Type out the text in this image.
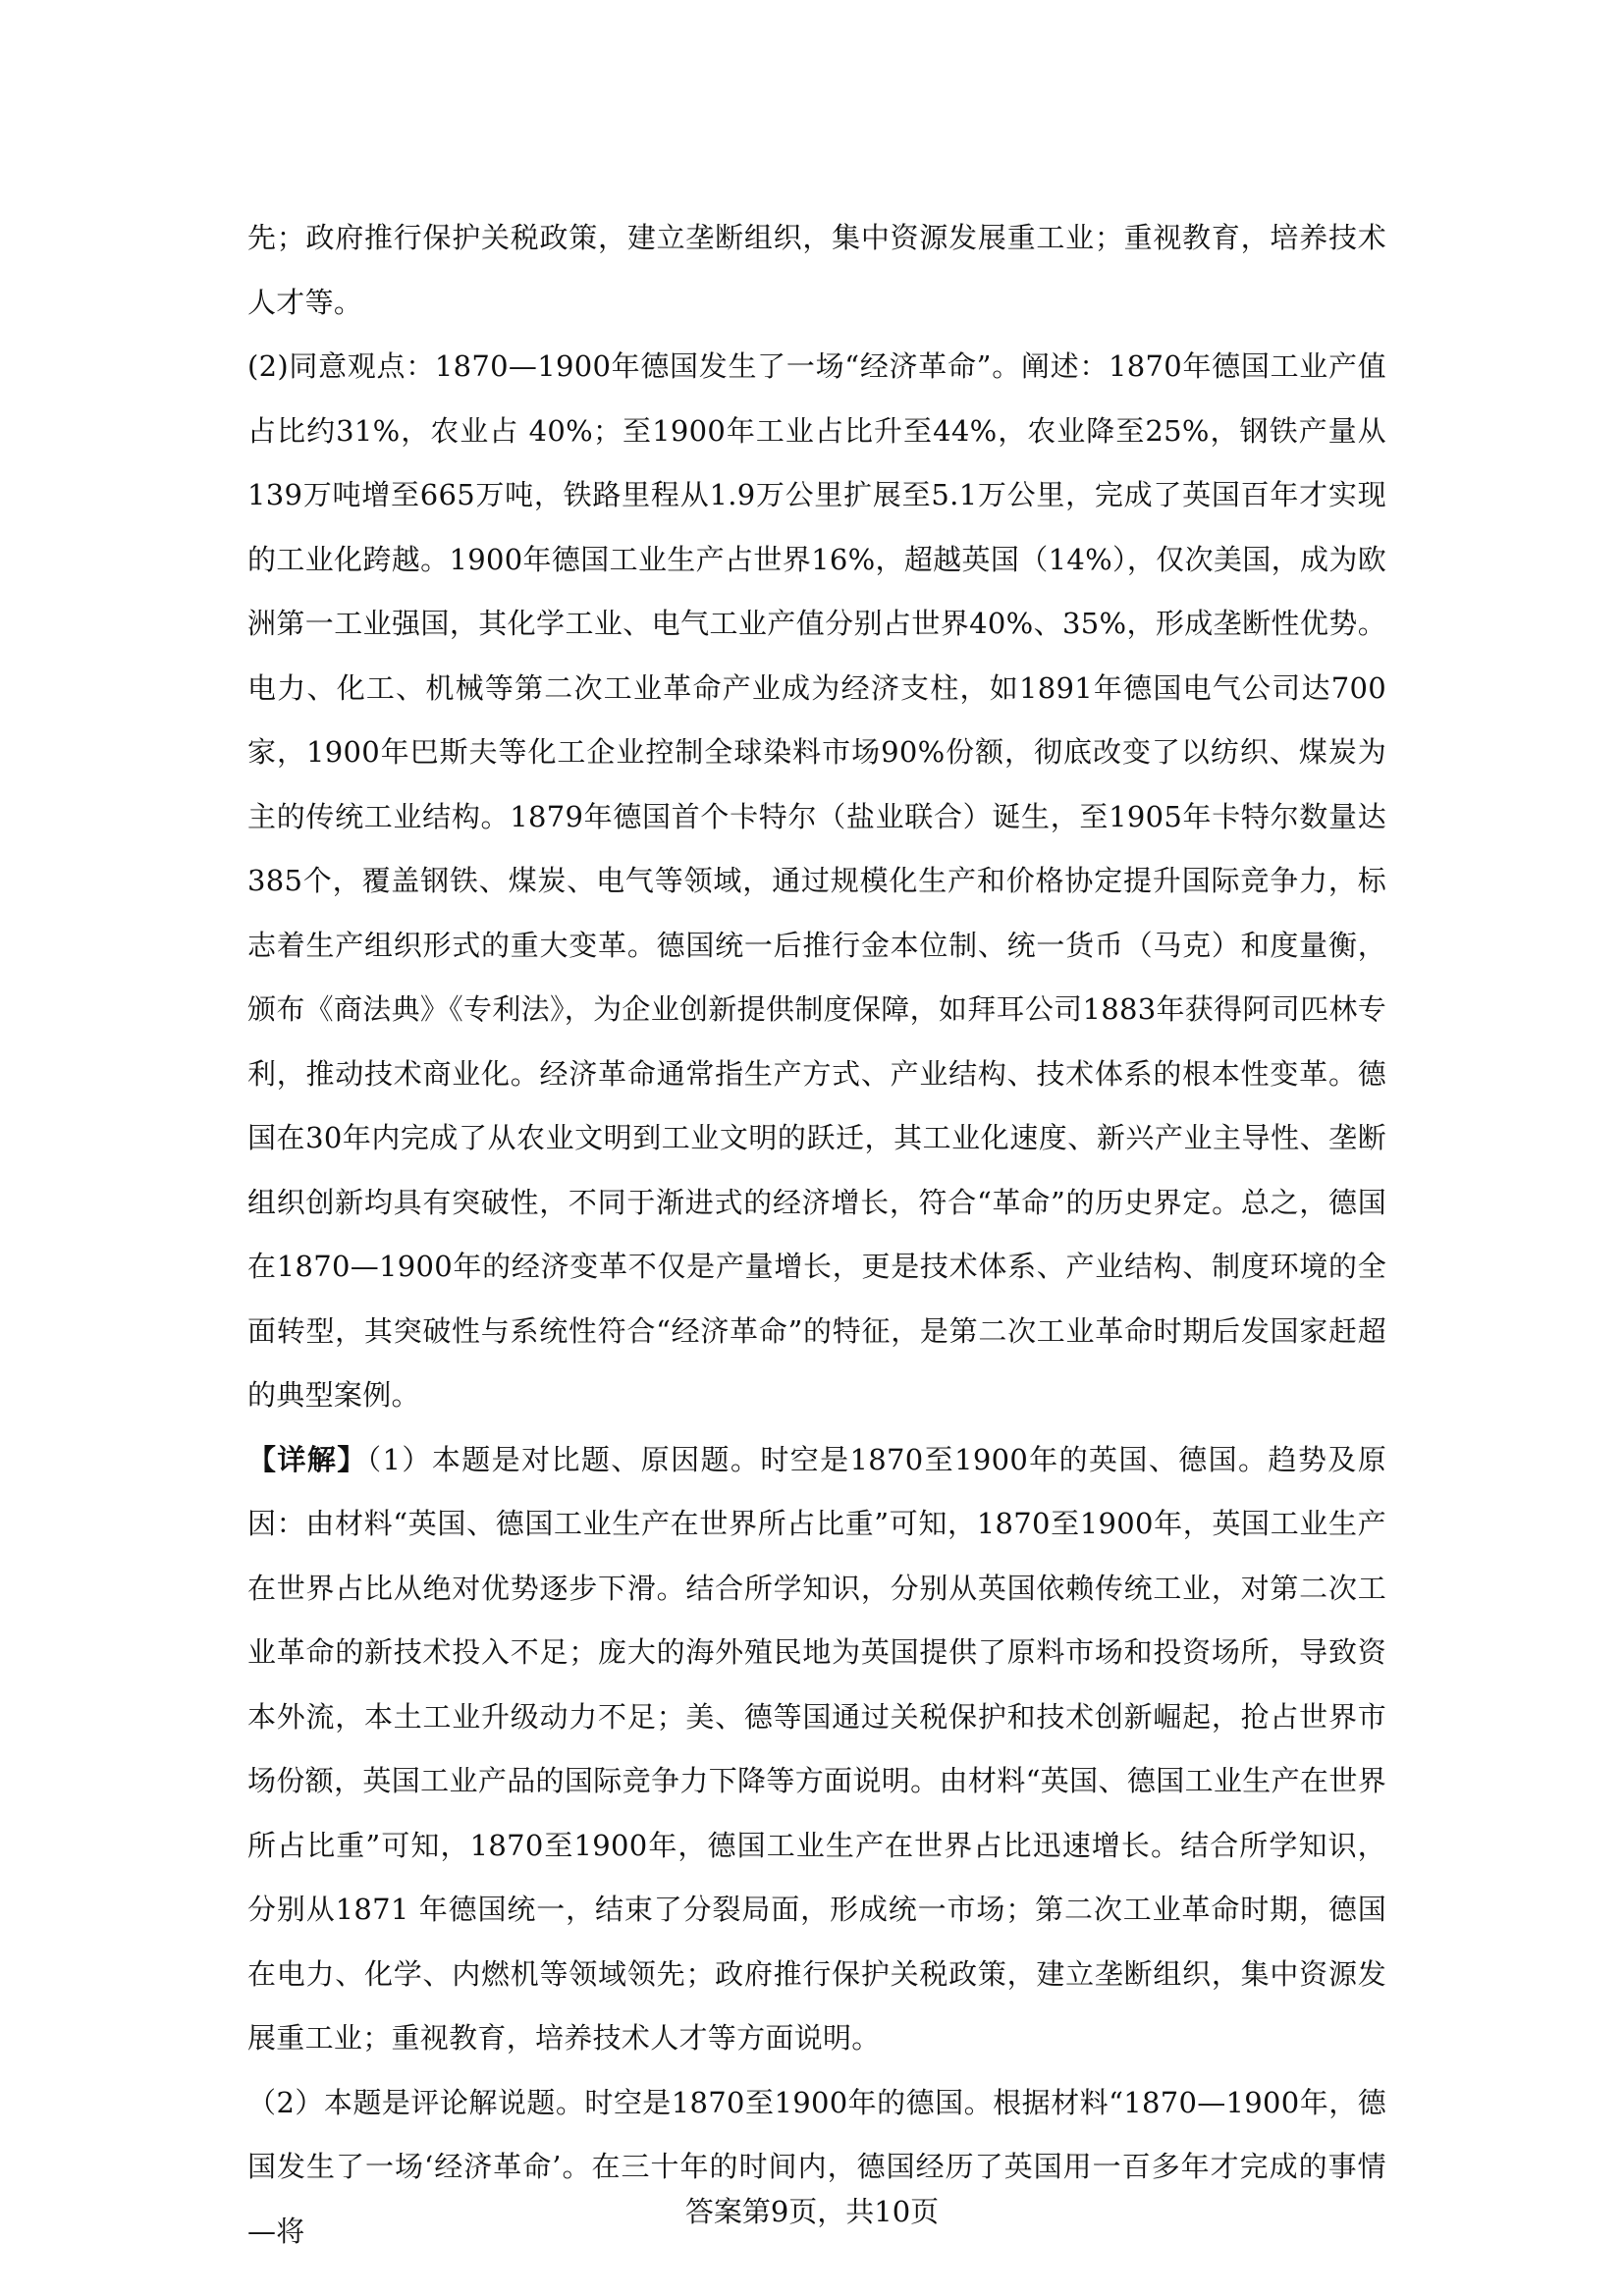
先；政府推行保护关税政策，建立垄断组织，集中资源发展重工业；重视教育，培养技术人才等。

(2)同意观点：1870—1900年德国发生了一场“经济革命”。阐述：1870年德国工业产值占比约31%，农业占 40%；至1900年工业占比升至44%，农业降至25%，钢铁产量从139万吨增至665万吨，铁路里程从1.9万公里扩展至5.1万公里，完成了英国百年才实现的工业化跨越。1900年德国工业生产占世界16%，超越英国（14%），仅次美国，成为欧洲第一工业强国，其化学工业、电气工业产值分别占世界40%、35%，形成垄断性优势。电力、化工、机械等第二次工业革命产业成为经济支柱，如1891年德国电气公司达700家，1900年巴斯夫等化工企业控制全球染料市场90%份额，彻底改变了以纺织、煤炭为主的传统工业结构。1879年德国首个卡特尔（盐业联合）诞生，至1905年卡特尔数量达385个，覆盖钢铁、煤炭、电气等领域，通过规模化生产和价格协定提升国际竞争力，标志着生产组织形式的重大变革。德国统一后推行金本位制、统一货币（马克）和度量衡，颁布《商法典》《专利法》，为企业创新提供制度保障，如拜耳公司1883年获得阿司匹林专利，推动技术商业化。经济革命通常指生产方式、产业结构、技术体系的根本性变革。德国在30年内完成了从农业文明到工业文明的跃迁，其工业化速度、新兴产业主导性、垄断组织创新均具有突破性，不同于渐进式的经济增长，符合“革命”的历史界定。总之，德国在1870—1900年的经济变革不仅是产量增长，更是技术体系、产业结构、制度环境的全面转型，其突破性与系统性符合“经济革命”的特征，是第二次工业革命时期后发国家赶超的典型案例。

【详解】（1）本题是对比题、原因题。时空是1870至1900年的英国、德国。趋势及原因：由材料“英国、德国工业生产在世界所占比重”可知，1870至1900年，英国工业生产在世界占比从绝对优势逐步下滑。结合所学知识，分别从英国依赖传统工业，对第二次工业革命的新技术投入不足；庞大的海外殖民地为英国提供了原料市场和投资场所，导致资本外流，本土工业升级动力不足；美、德等国通过关税保护和技术创新崛起，抢占世界市场份额，英国工业产品的国际竞争力下降等方面说明。由材料“英国、德国工业生产在世界所占比重”可知，1870至1900年，德国工业生产在世界占比迅速增长。结合所学知识，分别从1871 年德国统一，结束了分裂局面，形成统一市场；第二次工业革命时期，德国在电力、化学、内燃机等领域领先；政府推行保护关税政策，建立垄断组织，集中资源发展重工业；重视教育，培养技术人才等方面说明。

（2）本题是评论解说题。时空是1870至1900年的德国。根据材料“1870—1900年，德国发生了一场‘经济革命’。在三十年的时间内，德国经历了英国用一百多年才完成的事情—将

答案第9页，共10页
